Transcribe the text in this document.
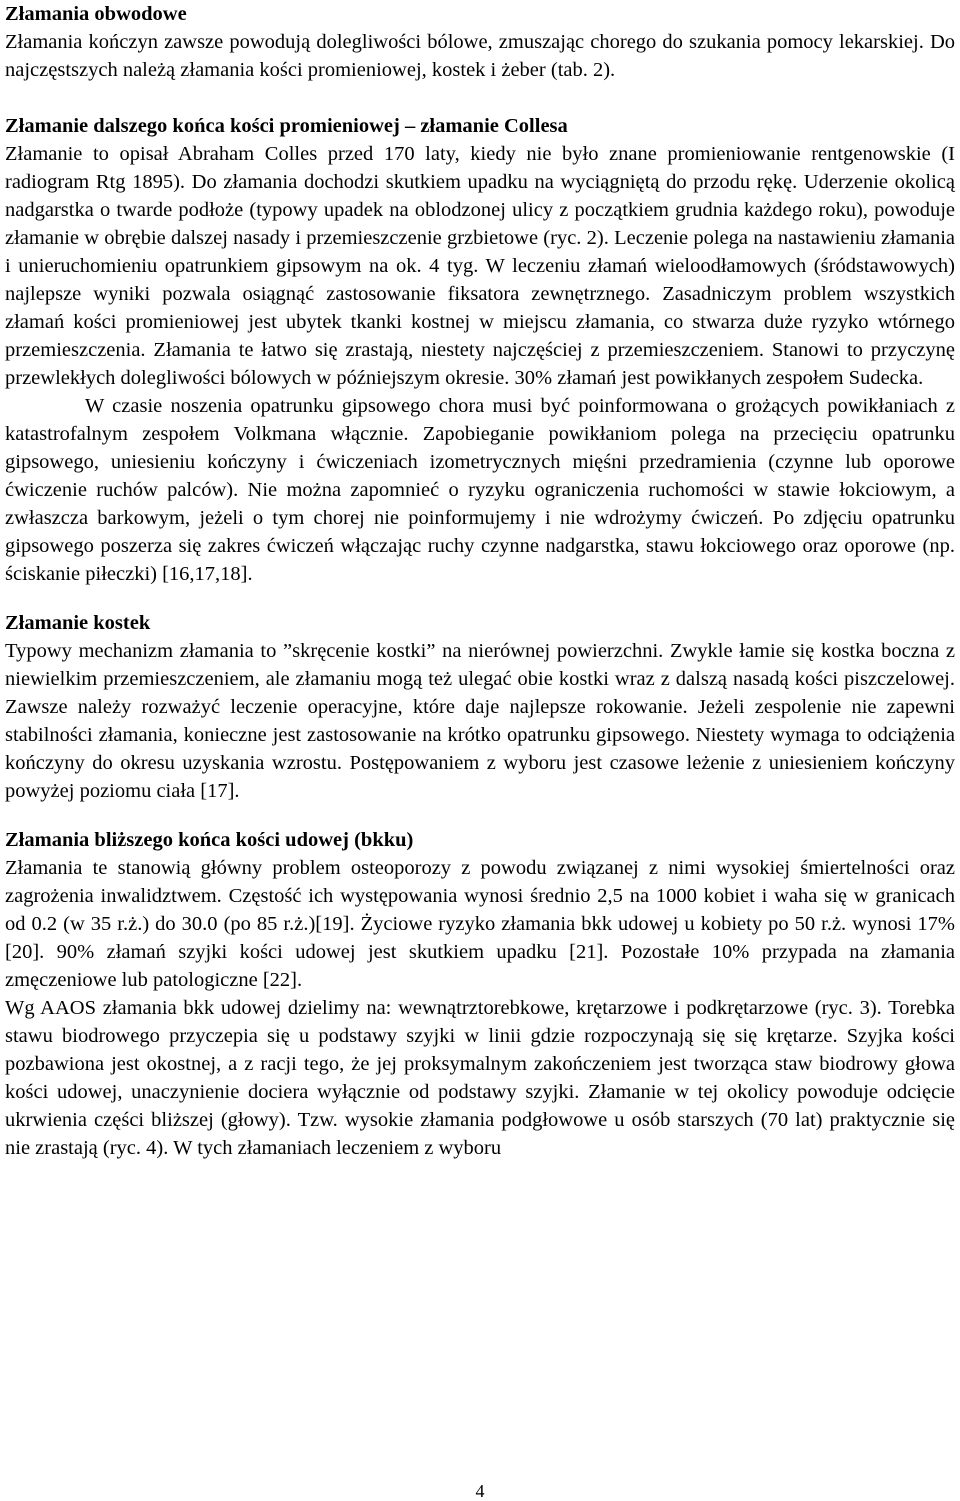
Złamania obwodowe

Złamania kończyn zawsze powodują dolegliwości bólowe, zmuszając chorego do szukania pomocy lekarskiej. Do najczęstszych należą złamania kości promieniowej, kostek i żeber (tab. 2).

Złamanie dalszego końca kości promieniowej – złamanie Collesa

Złamanie to opisał Abraham Colles przed 170 laty, kiedy nie było znane promieniowanie rentgenowskie (I radiogram Rtg 1895). Do złamania dochodzi skutkiem upadku na wyciągniętą do przodu rękę. Uderzenie okolicą nadgarstka o twarde podłoże (typowy upadek na oblodzonej ulicy z początkiem grudnia każdego roku), powoduje złamanie w obrębie dalszej nasady i przemieszczenie grzbietowe (ryc. 2). Leczenie polega na nastawieniu złamania i unieruchomieniu opatrunkiem gipsowym na ok. 4 tyg. W leczeniu złamań wieloodłamowych (śródstawowych) najlepsze wyniki pozwala osiągnąć zastosowanie fiksatora zewnętrznego. Zasadniczym problem wszystkich złamań kości promieniowej jest ubytek tkanki kostnej w miejscu złamania, co stwarza duże ryzyko wtórnego przemieszczenia. Złamania te łatwo się zrastają, niestety najczęściej z przemieszczeniem. Stanowi to przyczynę przewlekłych dolegliwości bólowych w późniejszym okresie. 30% złamań jest powikłanych zespołem Sudecka.

W czasie noszenia opatrunku gipsowego chora musi być poinformowana o grożących powikłaniach z katastrofalnym zespołem Volkmana włącznie. Zapobieganie powikłaniom polega na przecięciu opatrunku gipsowego, uniesieniu kończyny i ćwiczeniach izometrycznych mięśni przedramienia (czynne lub oporowe ćwiczenie ruchów palców). Nie można zapomnieć o ryzyku ograniczenia ruchomości w stawie łokciowym, a zwłaszcza barkowym, jeżeli o tym chorej nie poinformujemy i nie wdrożymy ćwiczeń. Po zdjęciu opatrunku gipsowego poszerza się zakres ćwiczeń włączając ruchy czynne nadgarstka, stawu łokciowego oraz oporowe (np. ściskanie piłeczki) [16,17,18].

Złamanie kostek

Typowy mechanizm złamania to ”skręcenie kostki” na nierównej powierzchni. Zwykle łamie się kostka boczna z niewielkim przemieszczeniem, ale złamaniu mogą też ulegać obie kostki wraz z dalszą nasadą kości piszczelowej. Zawsze należy rozważyć leczenie operacyjne, które daje najlepsze rokowanie. Jeżeli zespolenie nie zapewni stabilności złamania, konieczne jest zastosowanie na krótko opatrunku gipsowego. Niestety wymaga to odciążenia kończyny do okresu uzyskania wzrostu. Postępowaniem z wyboru jest czasowe leżenie z uniesieniem kończyny powyżej poziomu ciała [17].

Złamania bliższego końca kości udowej (bkku)

Złamania te stanowią główny problem osteoporozy z powodu związanej z nimi wysokiej śmiertelności oraz zagrożenia inwalidztwem. Częstość ich występowania wynosi średnio 2,5 na 1000 kobiet i waha się w granicach od 0.2 (w 35 r.ż.) do 30.0 (po 85 r.ż.)[19]. Życiowe ryzyko złamania bkk udowej u kobiety po 50 r.ż. wynosi 17% [20]. 90% złamań szyjki kości udowej jest skutkiem upadku [21]. Pozostałe 10% przypada na złamania zmęczeniowe lub patologiczne [22].

Wg AAOS złamania bkk udowej dzielimy na: wewnątrztorebkowe, krętarzowe i podkrętarzowe (ryc. 3). Torebka stawu biodrowego przyczepia się u podstawy szyjki w linii gdzie rozpoczynają się się krętarze. Szyjka kości pozbawiona jest okostnej, a z racji tego, że jej proksymalnym zakończeniem jest tworząca staw biodrowy głowa kości udowej, unaczynienie dociera wyłącznie od podstawy szyjki. Złamanie w tej okolicy powoduje odcięcie ukrwienia części bliższej (głowy). Tzw. wysokie złamania podgłowowe u osób starszych (70 lat) praktycznie się nie zrastają (ryc. 4). W tych złamaniach leczeniem z wyboru

4
